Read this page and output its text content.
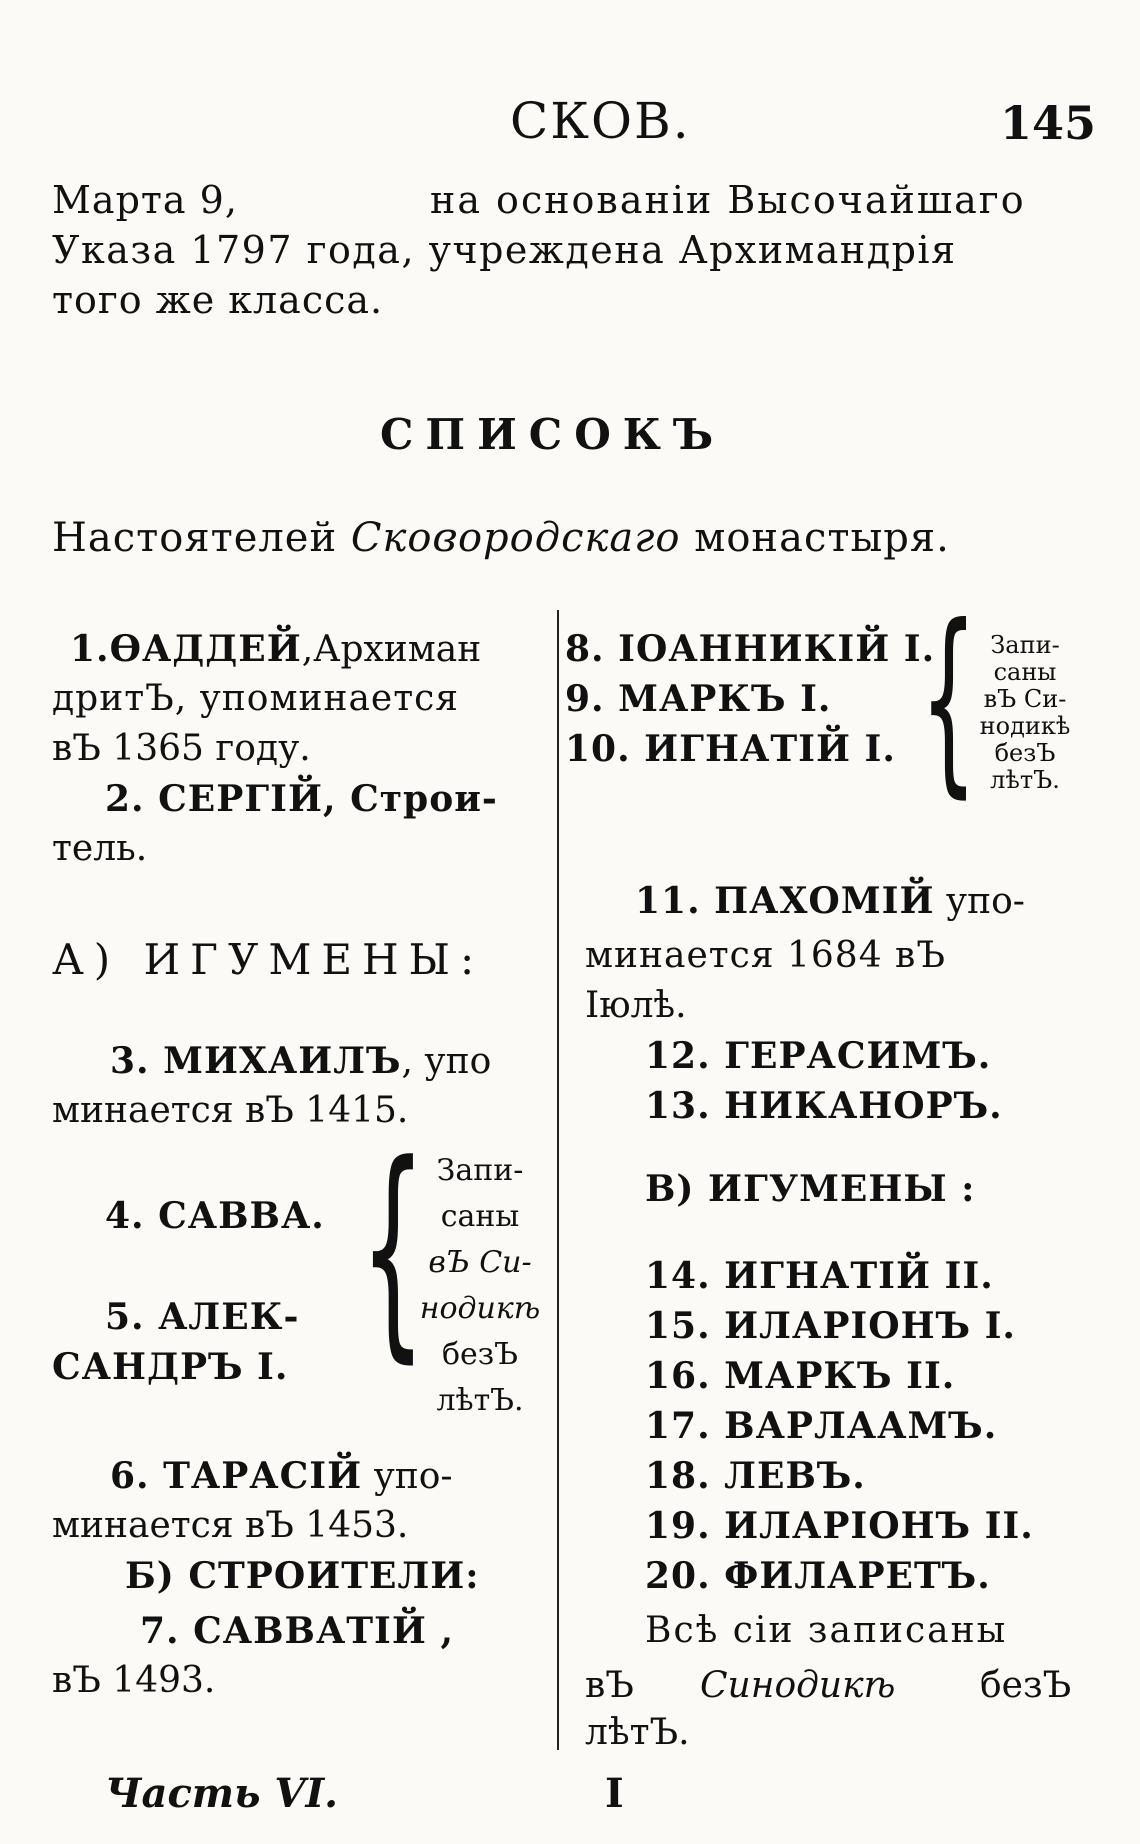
СКОВ.	145
Марта 9,	на основанiи Высочайшаго
Указа 1797 года, учреждена Архимандрiя
того же класса.
СПИСОКЪ
Настоятелей Скоɞородскаго монастыря.
1.ѲАДДЕЙ,Архиман
дритЪ, упоминается
вЪ 1365 году.
2. СЕРГIЙ, Строи-
тель.
А) ИГУМЕНЫ:
3. МИХАИЛЪ, упо
минается вЪ 1415.
4. САВВА.
5. АЛЕК-
САНДРЪ I. { Запи-
саны
вЪ Си-
нодикѣ
безЪ
лѣтЪ.
6. ТАРАСIЙ упо-
минается вЪ 1453.
Б) СТРОИТЕЛИ:
7. САВВАТIЙ ,
вЪ 1493.
8. IОАННИКIЙ I.
9. МАРКЪ I.
10. ИГНАТIЙ I. { Запи-
саны
вЪ Си-
нодикѣ
безЪ
лѣтЪ.
11. ПАХОМIЙ упо-
минается 1684 вЪ
Iюлѣ.
12. ГЕРАСИМЪ.
13. НИКАНОРЪ.
В) ИГУМЕНЫ :
14. ИГНАТIЙ II.
15. ИЛАРIОНЪ I.
16. МАРКЪ II.
17. ВАРЛААМЪ.
18. ЛЕВЪ.
19. ИЛАРIОНЪ II.
20. ФИЛАРЕТЪ.
Всѣ сiи записаны
вЪ Синодикѣ безЪ
лѣтЪ.
Часть VI.	I
